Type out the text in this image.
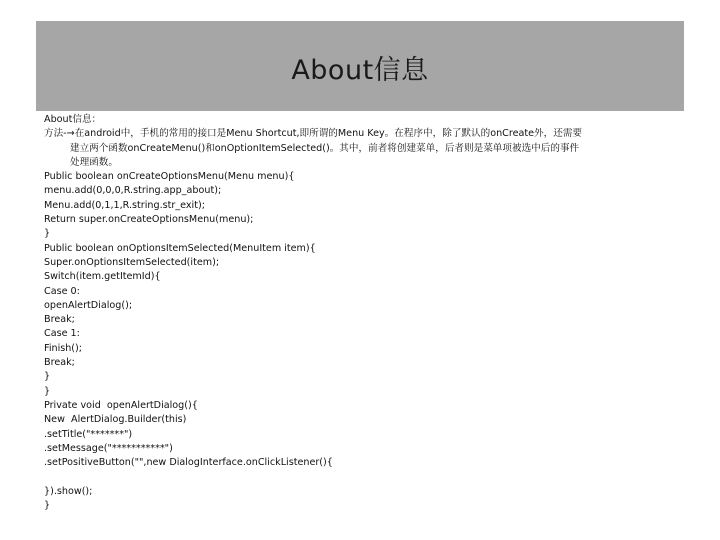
About信息
About信息：
方法-→在android中，手机的常用的接口是Menu Shortcut,即所谓的Menu Key。在程序中，除了默认的onCreate外，还需要
建立两个函数onCreateMenu()和onOptionItemSelected()。其中，前者将创建菜单，后者则是菜单项被选中后的事件
处理函数。
Public boolean onCreateOptionsMenu(Menu menu){
menu.add(0,0,0,R.string.app_about);
Menu.add(0,1,1,R.string.str_exit);
Return super.onCreateOptionsMenu(menu);
}
Public boolean onOptionsItemSelected(MenuItem item){
Super.onOptionsItemSelected(item);
Switch(item.getItemId){
Case 0:
openAlertDialog();
Break;
Case 1:
Finish();
Break;
}
}
Private void  openAlertDialog(){
New  AlertDialog.Builder(this)
.setTitle("*******")
.setMessage("***********")
.setPositiveButton("",new DialogInterface.onClickListener(){
}).show();
}
